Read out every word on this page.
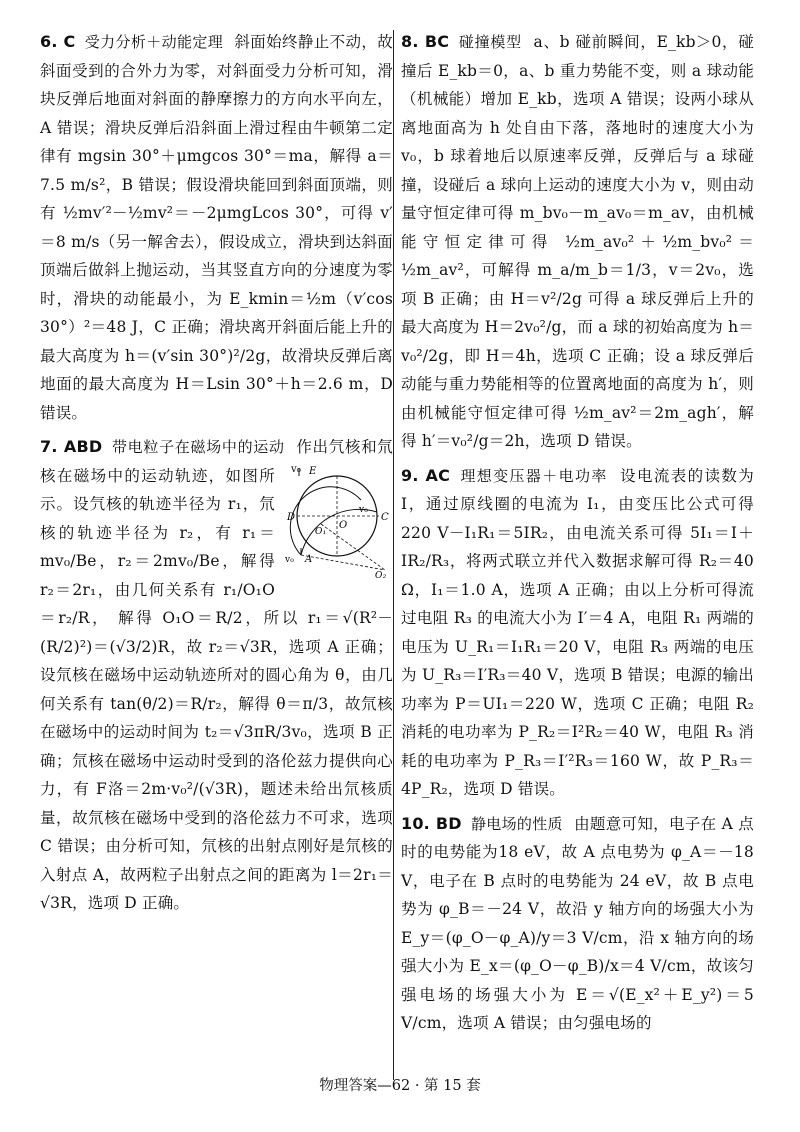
6. C 受力分析＋动能定理 斜面始终静止不动，故斜面受到的合外力为零，对斜面受力分析可知，滑块反弹后地面对斜面的静摩擦力的方向水平向左，A 错误；滑块反弹后沿斜面上滑过程由牛顿第二定律有 mgsin 30°＋μmgcos 30°＝ma，解得 a＝7.5 m/s²，B 错误；假设滑块能回到斜面顶端，则有 ½mv′²－½mv²＝－2μmgLcos 30°，可得 v′＝8 m/s（另一解舍去），假设成立，滑块到达斜面顶端后做斜上抛运动，当其竖直方向的分速度为零时，滑块的动能最小，为 E_kmin＝½m（v′cos 30°）²＝48 J，C 正确；滑块离开斜面后能上升的最大高度为 h＝(v′sin 30°)²/2g，故滑块反弹后离地面的最大高度为 H＝Lsin 30°＋h＝2.6 m，D 错误。

7. ABD 带电粒子在磁场中的运动
v₀ E
D	C
v₀
O
O₁
A
v₀
O₂
作出氕核和氘核在磁场中的运动轨迹，如图所示。设氕核的轨迹半径为 r₁，氘核的轨迹半径为 r₂，有 r₁＝mv₀/Be，r₂＝2mv₀/Be，解得 r₂＝2r₁，由几何关系有 r₁/O₁O＝r₂/R， 解得 O₁O＝R/2，所以 r₁＝√(R²－(R/2)²)＝(√3/2)R，故 r₂＝√3R，选项 A 正确；设氘核在磁场中运动轨迹所对的圆心角为 θ，由几何关系有 tan(θ/2)＝R/r₂，解得 θ＝π/3，故氘核在磁场中的运动时间为 t₂＝√3πR/3v₀，选项 B 正确；氘核在磁场中运动时受到的洛伦兹力提供向心力，有 F洛＝2m·v₀²/(√3R)，题述未给出氘核质量，故氘核在磁场中受到的洛伦兹力不可求，选项 C 错误；由分析可知，氘核的出射点刚好是氘核的入射点 A，故两粒子出射点之间的距离为 l＝2r₁＝√3R，选项 D 正确。

8. BC 碰撞模型 a、b 碰前瞬间，E_kb＞0，碰撞后 E_kb＝0，a、b 重力势能不变，则 a 球动能（机械能）增加 E_kb，选项 A 错误；设两小球从离地面高为 h 处自由下落，落地时的速度大小为 v₀，b 球着地后以原速率反弹，反弹后与 a 球碰撞，设碰后 a 球向上运动的速度大小为 v，则由动量守恒定律可得 m_bv₀－m_av₀＝m_av，由机械能守恒定律可得 ½m_av₀²＋½m_bv₀²＝½m_av²，可解得 m_a/m_b＝1/3，v＝2v₀，选项 B 正确；由 H＝v²/2g 可得 a 球反弹后上升的最大高度为 H＝2v₀²/g，而 a 球的初始高度为 h＝v₀²/2g，即 H＝4h，选项 C 正确；设 a 球反弹后动能与重力势能相等的位置离地面的高度为 h′，则由机械能守恒定律可得 ½m_av²＝2m_agh′，解得 h′＝v₀²/g＝2h，选项 D 错误。

9. AC 理想变压器＋电功率 设电流表的读数为 I，通过原线圈的电流为 I₁，由变压比公式可得 220 V－I₁R₁＝5IR₂，由电流关系可得 5I₁＝I＋IR₂/R₃，将两式联立并代入数据求解可得 R₂＝40 Ω，I₁＝1.0 A，选项 A 正确；由以上分析可得流过电阻 R₃ 的电流大小为 I′＝4 A，电阻 R₁ 两端的电压为 U_R₁＝I₁R₁＝20 V，电阻 R₃ 两端的电压为 U_R₃＝I′R₃＝40 V，选项 B 错误；电源的输出功率为 P＝UI₁＝220 W，选项 C 正确；电阻 R₂ 消耗的电功率为 P_R₂＝I²R₂＝40 W，电阻 R₃ 消耗的电功率为 P_R₃＝I′²R₃＝160 W，故 P_R₃＝4P_R₂，选项 D 错误。

10. BD 静电场的性质 由题意可知，电子在 A 点时的电势能为18 eV，故 A 点电势为 φ_A＝－18 V，电子在 B 点时的电势能为 24 eV，故 B 点电势为 φ_B＝－24 V，故沿 y 轴方向的场强大小为 E_y＝(φ_O－φ_A)/y＝3 V/cm，沿 x 轴方向的场强大小为 E_x＝(φ_O－φ_B)/x＝4 V/cm，故该匀强电场的场强大小为 E＝√(E_x²＋E_y²)＝5 V/cm，选项 A 错误；由匀强电场的

物理答案—62 · 第 15 套
